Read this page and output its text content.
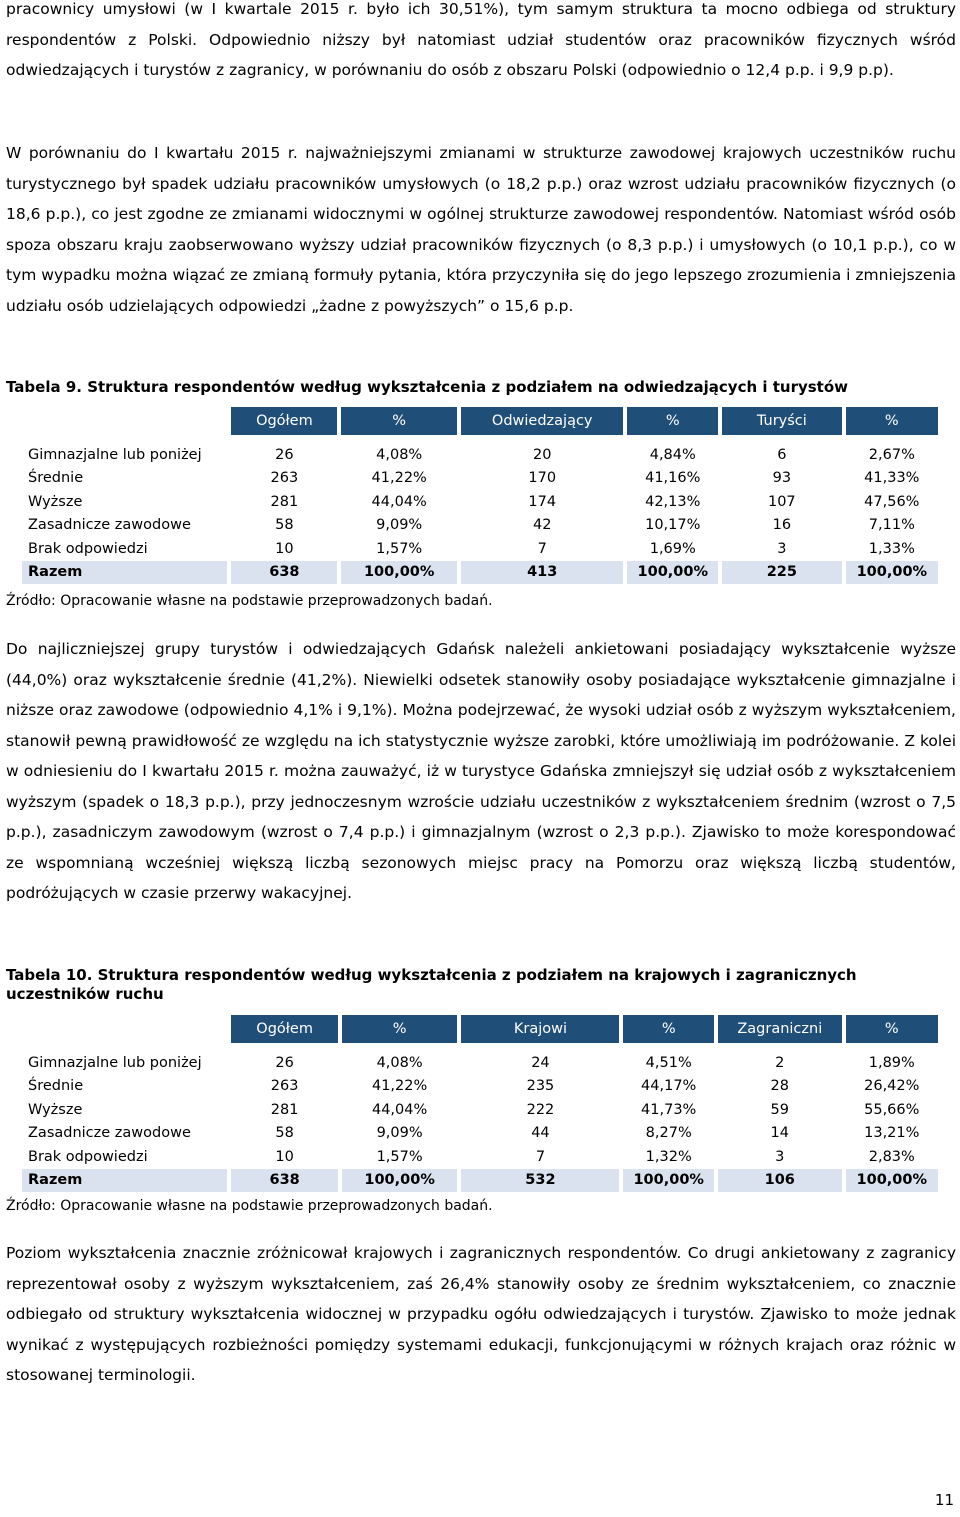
pracownicy umysłowi (w I kwartale 2015 r. było ich 30,51%), tym samym struktura ta mocno odbiega od struktury respondentów z Polski. Odpowiednio niższy był natomiast udział studentów oraz pracowników fizycznych wśród odwiedzających i turystów z zagranicy, w porównaniu do osób z obszaru Polski (odpowiednio o 12,4 p.p. i 9,9 p.p).

W porównaniu do I kwartału 2015 r. najważniejszymi zmianami w strukturze zawodowej krajowych uczestników ruchu turystycznego był spadek udziału pracowników umysłowych (o 18,2 p.p.) oraz wzrost udziału pracowników fizycznych (o 18,6 p.p.), co jest zgodne ze zmianami widocznymi w ogólnej strukturze zawodowej respondentów. Natomiast wśród osób spoza obszaru kraju zaobserwowano wyższy udział pracowników fizycznych (o 8,3 p.p.) i umysłowych (o 10,1 p.p.), co w tym wypadku można wiązać ze zmianą formuły pytania, która przyczyniła się do jego lepszego zrozumienia i zmniejszenia udziału osób udzielających odpowiedzi „żadne z powyższych” o 15,6 p.p.

Tabela 9. Struktura respondentów według wykształcenia z podziałem na odwiedzających i turystów

	Ogółem	%	Odwiedzający	%	Turyści	%

Gimnazjalne lub poniżej	26	4,08%	20	4,84%	6	2,67%
Średnie	263	41,22%	170	41,16%	93	41,33%
Wyższe	281	44,04%	174	42,13%	107	47,56%
Zasadnicze zawodowe	58	9,09%	42	10,17%	16	7,11%
Brak odpowiedzi	10	1,57%	7	1,69%	3	1,33%
Razem	638	100,00%	413	100,00%	225	100,00%

Źródło: Opracowanie własne na podstawie przeprowadzonych badań.

Do najliczniejszej grupy turystów i odwiedzających Gdańsk należeli ankietowani posiadający wykształcenie wyższe (44,0%) oraz wykształcenie średnie (41,2%). Niewielki odsetek stanowiły osoby posiadające wykształcenie gimnazjalne i niższe oraz zawodowe (odpowiednio 4,1% i 9,1%). Można podejrzewać, że wysoki udział osób z wyższym wykształceniem, stanowił pewną prawidłowość ze względu na ich statystycznie wyższe zarobki, które umożliwiają im podróżowanie. Z kolei w odniesieniu do I kwartału 2015 r. można zauważyć, iż w turystyce Gdańska zmniejszył się udział osób z wykształceniem wyższym (spadek o 18,3 p.p.), przy jednoczesnym wzroście udziału uczestników z wykształceniem średnim (wzrost o 7,5 p.p.), zasadniczym zawodowym (wzrost o 7,4 p.p.) i gimnazjalnym (wzrost o 2,3 p.p.). Zjawisko to może korespondować ze wspomnianą wcześniej większą liczbą sezonowych miejsc pracy na Pomorzu oraz większą liczbą studentów, podróżujących w czasie przerwy wakacyjnej.

Tabela 10. Struktura respondentów według wykształcenia z podziałem na krajowych i zagranicznych uczestników ruchu

	Ogółem	%	Krajowi	%	Zagraniczni	%

Gimnazjalne lub poniżej	26	4,08%	24	4,51%	2	1,89%
Średnie	263	41,22%	235	44,17%	28	26,42%
Wyższe	281	44,04%	222	41,73%	59	55,66%
Zasadnicze zawodowe	58	9,09%	44	8,27%	14	13,21%
Brak odpowiedzi	10	1,57%	7	1,32%	3	2,83%
Razem	638	100,00%	532	100,00%	106	100,00%

Źródło: Opracowanie własne na podstawie przeprowadzonych badań.

Poziom wykształcenia znacznie zróżnicował krajowych i zagranicznych respondentów. Co drugi ankietowany z zagranicy reprezentował osoby z wyższym wykształceniem, zaś 26,4% stanowiły osoby ze średnim wykształceniem, co znacznie odbiegało od struktury wykształcenia widocznej w przypadku ogółu odwiedzających i turystów. Zjawisko to może jednak wynikać z występujących rozbieżności pomiędzy systemami edukacji, funkcjonującymi w różnych krajach oraz różnic w stosowanej terminologii.

11
